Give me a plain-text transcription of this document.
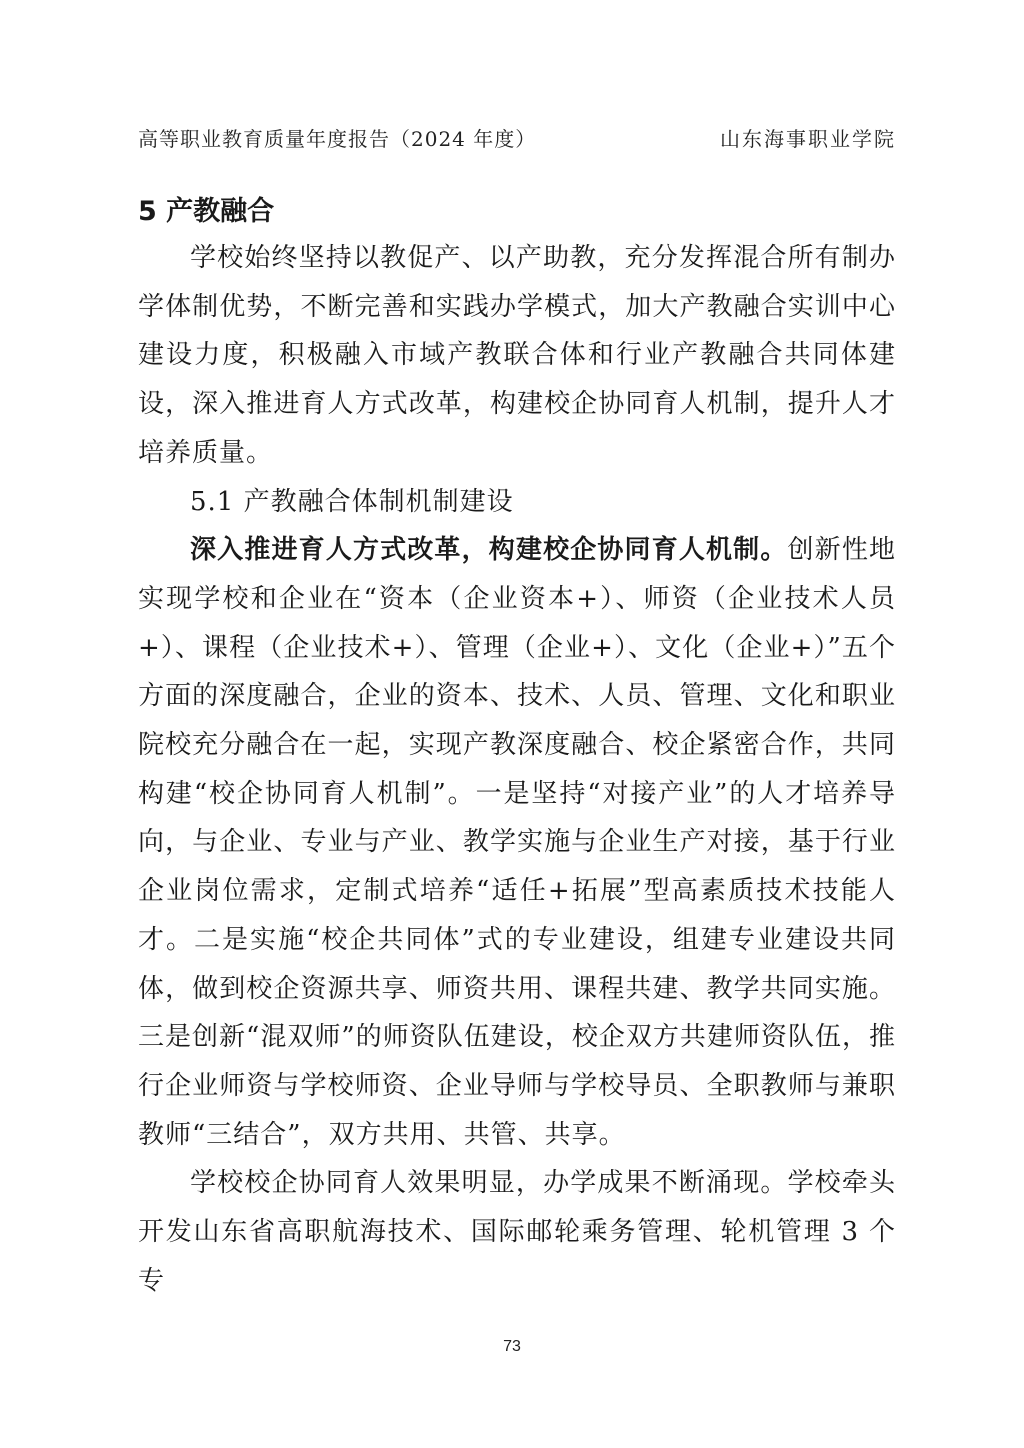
高等职业教育质量年度报告（2024 年度）	山东海事职业学院
5 产教融合

学校始终坚持以教促产、以产助教，充分发挥混合所有制办学体制优势，不断完善和实践办学模式，加大产教融合实训中心建设力度，积极融入市域产教联合体和行业产教融合共同体建设，深入推进育人方式改革，构建校企协同育人机制，提升人才培养质量。

5.1 产教融合体制机制建设

深入推进育人方式改革，构建校企协同育人机制。创新性地实现学校和企业在“资本（企业资本+）、师资（企业技术人员+）、课程（企业技术+）、管理（企业+）、文化（企业+）”五个方面的深度融合，企业的资本、技术、人员、管理、文化和职业院校充分融合在一起，实现产教深度融合、校企紧密合作，共同构建“校企协同育人机制”。一是坚持“对接产业”的人才培养导向，与企业、专业与产业、教学实施与企业生产对接，基于行业企业岗位需求，定制式培养“适任+拓展”型高素质技术技能人才。二是实施“校企共同体”式的专业建设，组建专业建设共同体，做到校企资源共享、师资共用、课程共建、教学共同实施。三是创新“混双师”的师资队伍建设，校企双方共建师资队伍，推行企业师资与学校师资、企业导师与学校导员、全职教师与兼职教师“三结合”，双方共用、共管、共享。

学校校企协同育人效果明显，办学成果不断涌现。学校牵头开发山东省高职航海技术、国际邮轮乘务管理、轮机管理 3 个专

73
